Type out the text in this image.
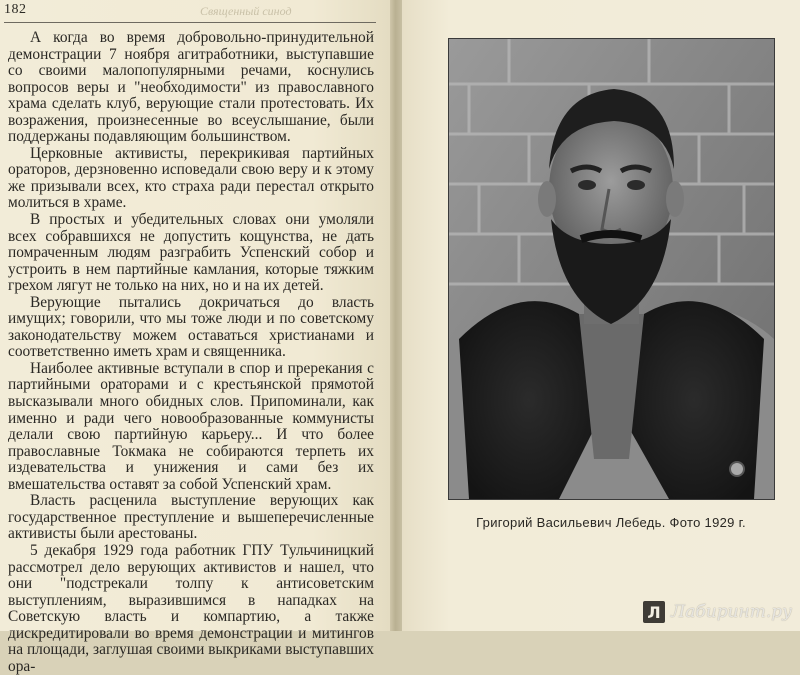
182	Священный синод

А когда во время добровольно-принудительной демонстрации 7 ноября агитработники, выступавшие со своими малопопулярными речами, коснулись вопросов веры и "необходимости" из православного храма сделать клуб, верующие стали протестовать. Их возражения, произнесенные во всеуслышание, были поддержаны подавляющим большинством.

Церковные активисты, перекрикивая партийных ораторов, дерзновенно исповедали свою веру и к этому же призывали всех, кто страха ради перестал открыто молиться в храме.

В простых и убедительных словах они умоляли всех собравшихся не допустить кощунства, не дать помраченным людям разграбить Успенский собор и устроить в нем партийные камлания, которые тяжким грехом лягут не только на них, но и на их детей.

Верующие пытались докричаться до власть имущих; говорили, что мы тоже люди и по советскому законодательству можем оставаться христианами и соответственно иметь храм и священника.

Наиболее активные вступали в спор и пререкания с партийными ораторами и с крестьянской прямотой высказывали много обидных слов. Припоминали, как именно и ради чего новообразованные коммунисты делали свою партийную карьеру... И что более православные Токмака не собираются терпеть их издевательства и унижения и сами без их вмешательства оставят за собой Успенский храм.

Власть расценила выступление верующих как государственное преступление и вышеперечисленные активисты были арестованы.

5 декабря 1929 года работник ГПУ Тульчиницкий рассмотрел дело верующих активистов и нашел, что они "подстрекали толпу к антисоветским выступлениям, выразившимся в нападках на Советскую власть и компартию, а также дискредитировали во время демонстрации и митингов на площади, заглушая своими выкриками выступавших ора-

Григорий Васильевич Лебедь. Фото 1929 г.
Л Лабиринт.ру
